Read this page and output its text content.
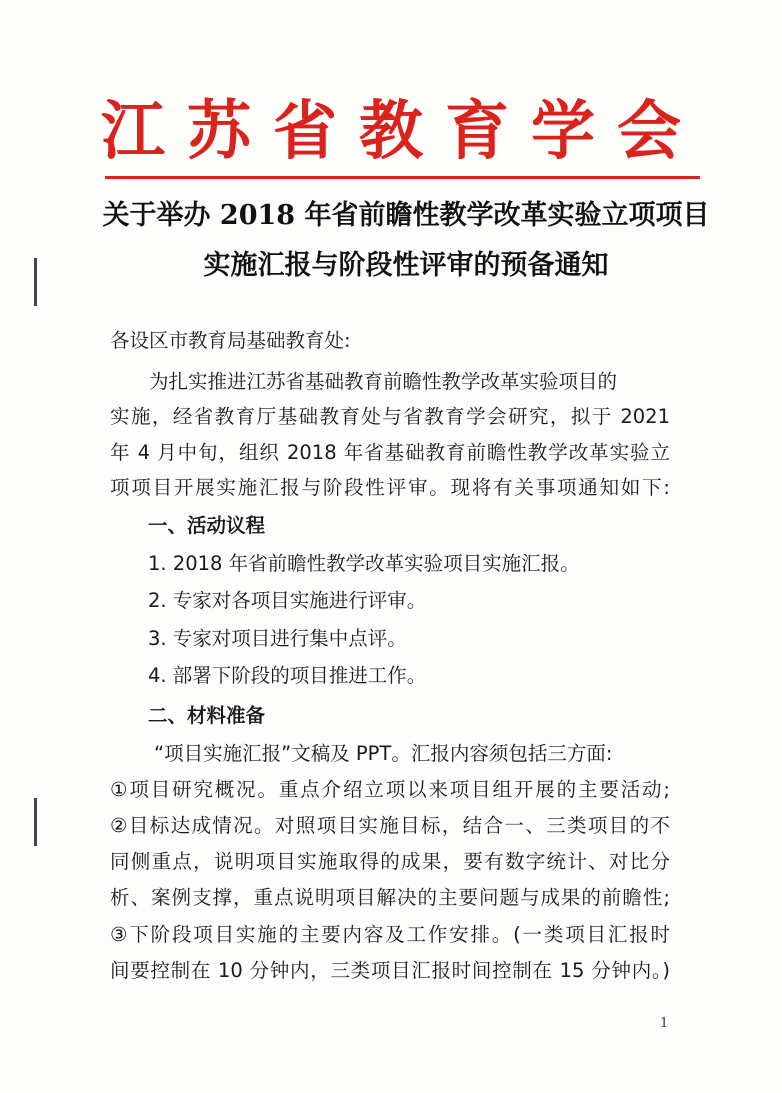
江苏省教育学会
关于举办 2018 年省前瞻性教学改革实验立项项目
实施汇报与阶段性评审的预备通知
各设区市教育局基础教育处:
为扎实推进江苏省基础教育前瞻性教学改革实验项目的
实施，经省教育厅基础教育处与省教育学会研究，拟于 2021
年 4 月中旬，组织 2018 年省基础教育前瞻性教学改革实验立
项项目开展实施汇报与阶段性评审。现将有关事项通知如下:
一、活动议程
1. 2018 年省前瞻性教学改革实验项目实施汇报。
2. 专家对各项目实施进行评审。
3. 专家对项目进行集中点评。
4. 部署下阶段的项目推进工作。
二、材料准备
“项目实施汇报”文稿及 PPT。汇报内容须包括三方面:
①项目研究概况。重点介绍立项以来项目组开展的主要活动;
②目标达成情况。对照项目实施目标，结合一、三类项目的不
同侧重点，说明项目实施取得的成果，要有数字统计、对比分
析、案例支撑，重点说明项目解决的主要问题与成果的前瞻性;
③下阶段项目实施的主要内容及工作安排。(一类项目汇报时
间要控制在 10 分钟内，三类项目汇报时间控制在 15 分钟内。)
1
